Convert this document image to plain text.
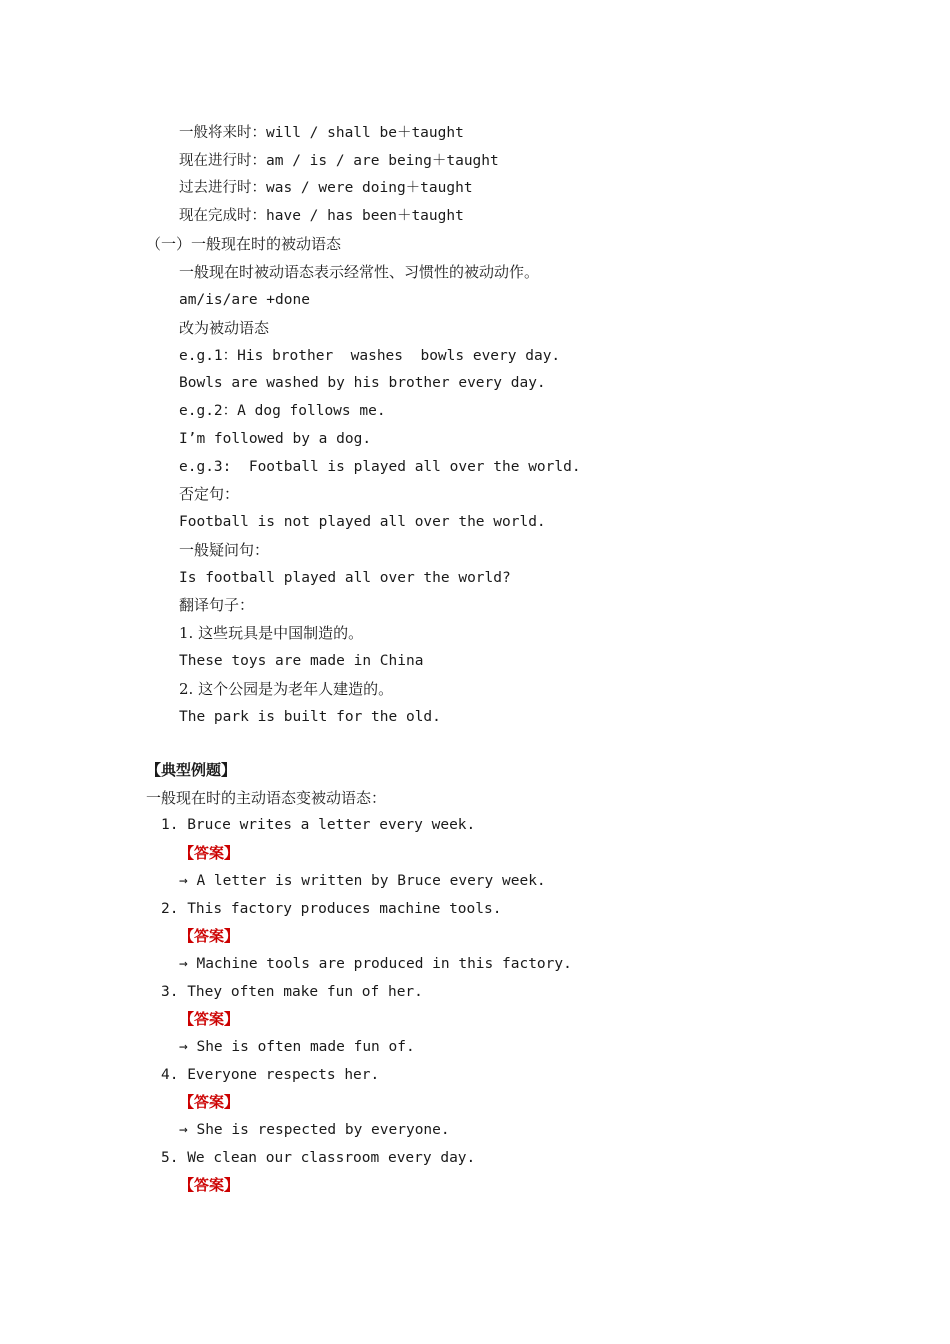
一般将来时：will / shall be＋taught
现在进行时：am / is / are being＋taught
过去进行时：was / were doing＋taught
现在完成时：have / has been＋taught
（一）一般现在时的被动语态
一般现在时被动语态表示经常性、习惯性的被动动作。
am/is/are +done
改为被动语态
e.g.1：His brother  washes  bowls every day.
Bowls are washed by his brother every day.
e.g.2：A dog follows me.
I’m followed by a dog.
e.g.3:  Football is played all over the world.
否定句：
Football is not played all over the world.
一般疑问句：
Is football played all over the world?
翻译句子：
1. 这些玩具是中国制造的。
These toys are made in China
2. 这个公园是为老年人建造的。
The park is built for the old.
【典型例题】
一般现在时的主动语态变被动语态：
1. Bruce writes a letter every week.
【答案】
→ A letter is written by Bruce every week.
2. This factory produces machine tools.
【答案】
→ Machine tools are produced in this factory.
3. They often make fun of her.
【答案】
→ She is often made fun of.
4. Everyone respects her.
【答案】
→ She is respected by everyone.
5. We clean our classroom every day.
【答案】
